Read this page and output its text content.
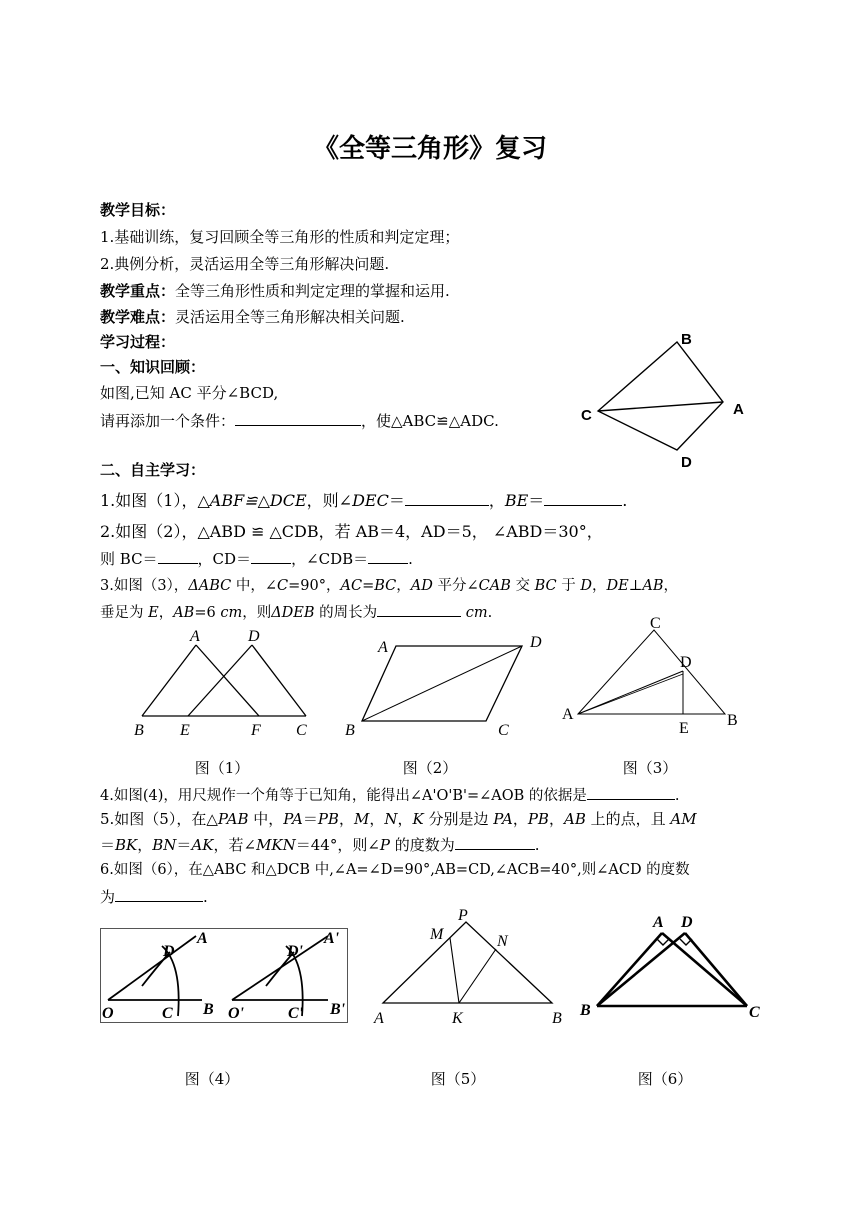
《全等三角形》复习
教学目标：
1.基础训练，复习回顾全等三角形的性质和判定定理；
2.典例分析，灵活运用全等三角形解决问题.
教学重点：全等三角形性质和判定定理的掌握和运用.
教学难点：灵活运用全等三角形解决相关问题.
学习过程：
一、知识回顾：
如图,已知 AC 平分∠BCD,
请再添加一个条件：	，使△ABC≌△ADC.
B
C	A
D
二、自主学习：
1.如图（1），△ABF≌△DCE，则∠DEC＝	，BE＝	.
2.如图（2），△ABD ≌ △CDB，若 AB＝4，AD＝5， ∠ABD＝30°，
则 BC＝	，CD＝	，∠CDB＝	.
3.如图（3），ΔABC 中，∠C=90°，AC=BC，AD 平分∠CAB 交 BC 于 D，DE⊥AB，
垂足为 E，AB=6 cm，则ΔDEB 的周长为	cm.
A	D
B E	F C
A	D
B	C
C
D
A
E B
图（1）	图（2）	图（3）
4.如图(4)，用尺规作一个角等于已知角，能得出∠A'O'B'=∠AOB 的依据是	.
5.如图（5），在△PAB 中，PA＝PB，M，N，K 分别是边 PA，PB，AB 上的点，且 AM
＝BK，BN＝AK，若∠MKN＝44°，则∠P 的度数为	.
6.如图（6），在△ABC 和△DCB 中,∠A=∠D=90°,AB=CD,∠ACB=40°,则∠ACD 的度数
为	.
D
A
O	C B
D'
A'
O'	C' B'
P
M	N
A	K	B
A D
B	C
图（4）	图（5）	图（6）
